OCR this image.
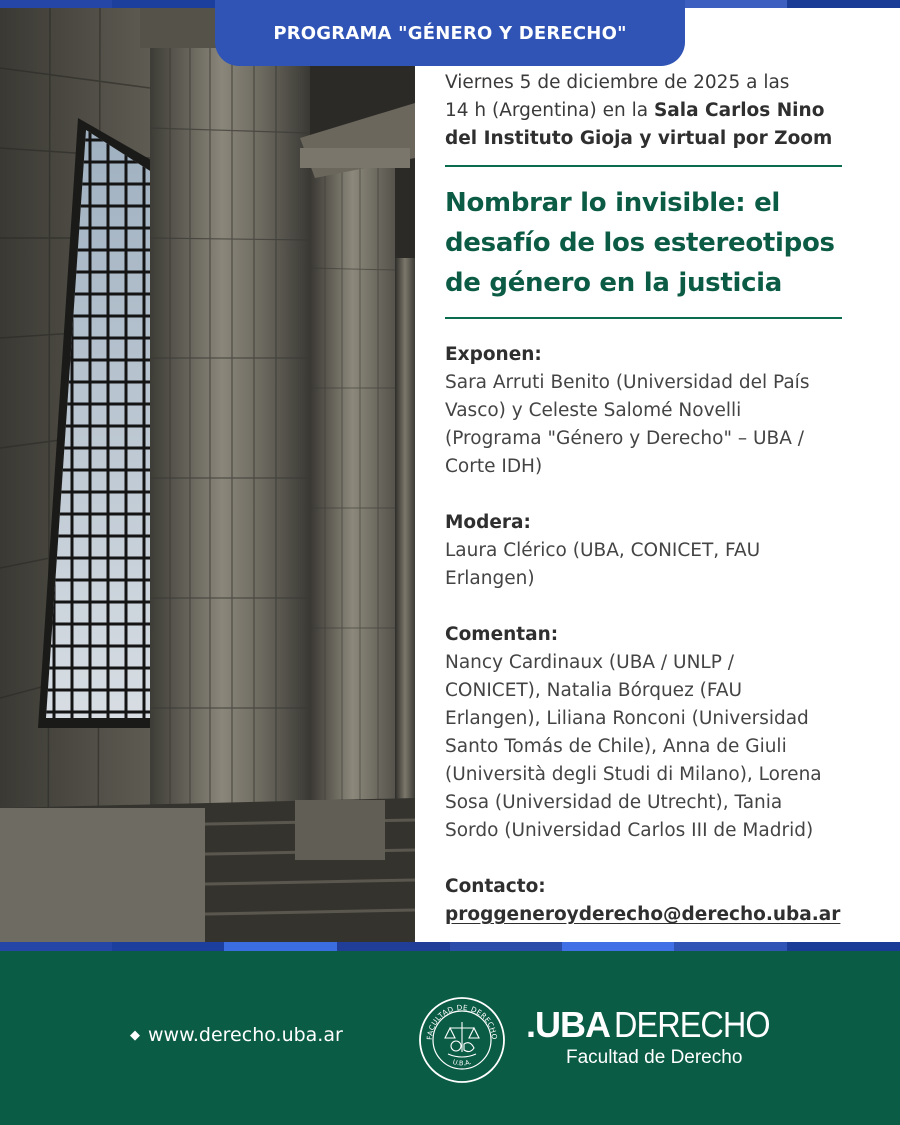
PROGRAMA "GÉNERO Y DERECHO"
Viernes 5 de diciembre de 2025 a las
14 h (Argentina) en la Sala Carlos Nino
del Instituto Gioja y virtual por Zoom
Nombrar lo invisible: el
desafío de los estereotipos
de género en la justicia
Exponen:
Sara Arruti Benito (Universidad del País
Vasco) y Celeste Salomé Novelli
(Programa "Género y Derecho" – UBA /
Corte IDH)
Modera:
Laura Clérico (UBA, CONICET, FAU
Erlangen)
Comentan:
Nancy Cardinaux (UBA / UNLP /
CONICET), Natalia Bórquez (FAU
Erlangen), Liliana Ronconi (Universidad
Santo Tomás de Chile), Anna de Giuli
(Università degli Studi di Milano), Lorena
Sosa (Universidad de Utrecht), Tania
Sordo (Universidad Carlos III de Madrid)
Contacto:
proggeneroyderecho@derecho.uba.ar
◆ www.derecho.uba.ar	FACULTAD DE DERECHO
U.B.A.
.UBA DERECHO
Facultad de Derecho
